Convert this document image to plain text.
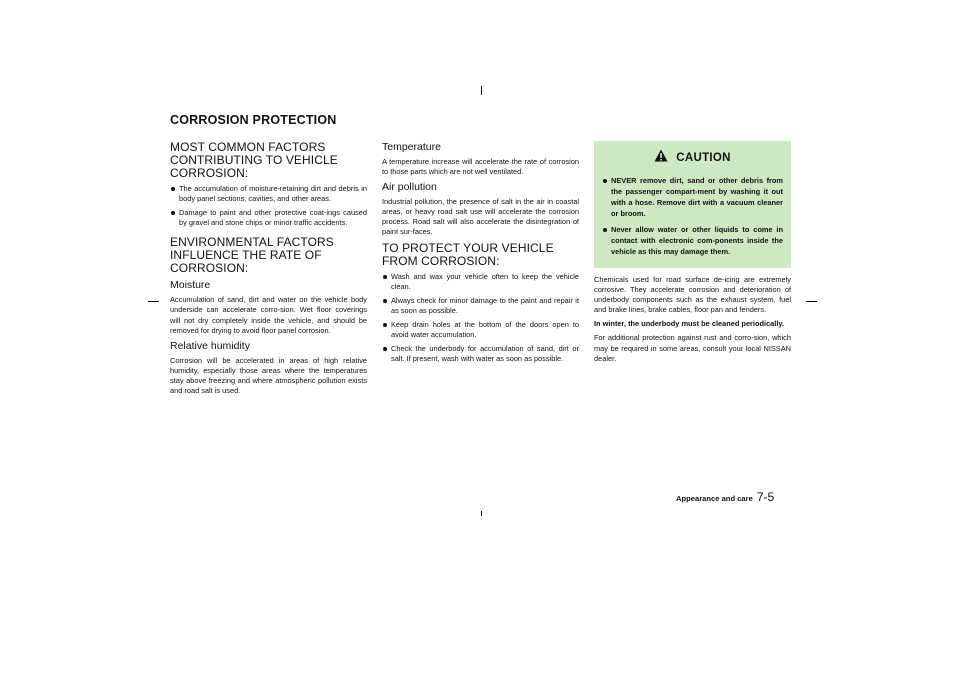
CORROSION PROTECTION
MOST COMMON FACTORS CONTRIBUTING TO VEHICLE CORROSION:
The accumulation of moisture-retaining dirt and debris in body panel sections, cavities, and other areas.
Damage to paint and other protective coat-ings caused by gravel and stone chips or minor traffic accidents.
ENVIRONMENTAL FACTORS INFLUENCE THE RATE OF CORROSION:
Moisture

Accumulation of sand, dirt and water on the vehicle body underside can accelerate corro-sion. Wet floor coverings will not dry completely inside the vehicle, and should be removed for drying to avoid floor panel corrosion.

Relative humidity

Corrosion will be accelerated in areas of high relative humidity, especially those areas where the temperatures stay above freezing and where atmospheric pollution exists and road salt is used.

Temperature

A temperature increase will accelerate the rate of corrosion to those parts which are not well ventilated.

Air pollution

Industrial pollution, the presence of salt in the air in coastal areas, or heavy road salt use will accelerate the corrosion process. Road salt will also accelerate the disintegration of paint sur-faces.

TO PROTECT YOUR VEHICLE FROM CORROSION:
Wash and wax your vehicle often to keep the vehicle clean.
Always check for minor damage to the paint and repair it as soon as possible.
Keep drain holes at the bottom of the doors open to avoid water accumulation.
Check the underbody for accumulation of sand, dirt or salt. If present, wash with water as soon as possible.
CAUTION
NEVER remove dirt, sand or other debris from the passenger compart-ment by washing it out with a hose. Remove dirt with a vacuum cleaner or broom.
Never allow water or other liquids to come in contact with electronic com-ponents inside the vehicle as this may damage them.

Chemicals used for road surface de-icing are extremely corrosive. They accelerate corrosion and deterioration of underbody components such as the exhaust system, fuel and brake lines, brake cables, floor pan and fenders.

In winter, the underbody must be cleaned periodically.

For additional protection against rust and corro-sion, which may be required in some areas, consult your local NISSAN dealer.

Appearance and care 7-5
